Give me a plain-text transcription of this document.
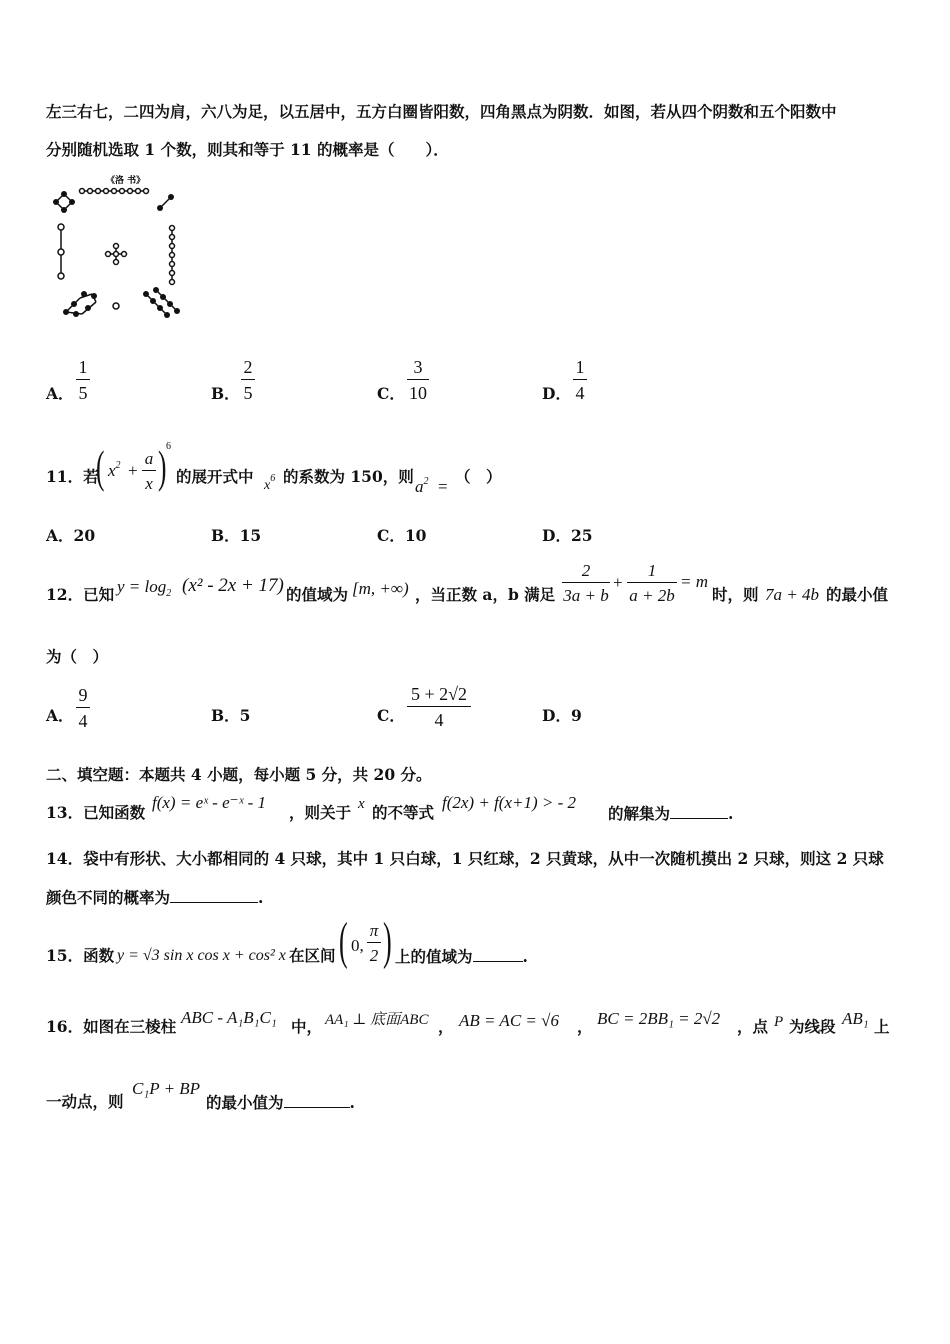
左三右七，二四为肩，六八为足，以五居中，五方白圈皆阳数，四角黑点为阴数．如图，若从四个阴数和五个阳数中
分别随机选取 1 个数，则其和等于 11 的概率是（　　）．
《洛 书》
A．
1
5	B．
2
5	C．
3
10	D．
1
4
11．若
( $x^2$ +
a
x ) 6
的展开式中 $x^6$ 的系数为 150，则
$a^2$ =
（　）
A．20	B．15	C．10	D．25
12．已知 $y = \log_2 (x^2 - 2x + 17)$ 的值域为 [m, +∞) ，当正数 a，b 满足
2
3a + b
+
1
a + 2b
= m
时，则 7a + 4b 的最小值
为（　）
A．
9
4	B．5	C．
5 + 2√2
4	D．9
二、填空题：本题共 4 小题，每小题 5 分，共 20 分。
13．已知函数
f(x) = eˣ - e⁻ˣ - 1
，则关于 x 的不等式
f(2x) + f(x+1) > - 2
的解集为	.
14．袋中有形状、大小都相同的 4 只球，其中 1 只白球，1 只红球，2 只黄球，从中一次随机摸出 2 只球，则这 2 只球
颜色不同的概率为	.
15．函数 y = √3 sin x cos x + cos² x 在区间 ( 0,
π
2 ) 上的值域为	.
16．如图在三棱柱 ABC - A₁B₁C₁ 中， AA₁ ⊥ 底面ABC ， AB = AC = √6 ， BC = 2BB₁ = 2√2 ，点 P 为线段 AB₁ 上
一动点，则
C₁P + BP
的最小值为	.
